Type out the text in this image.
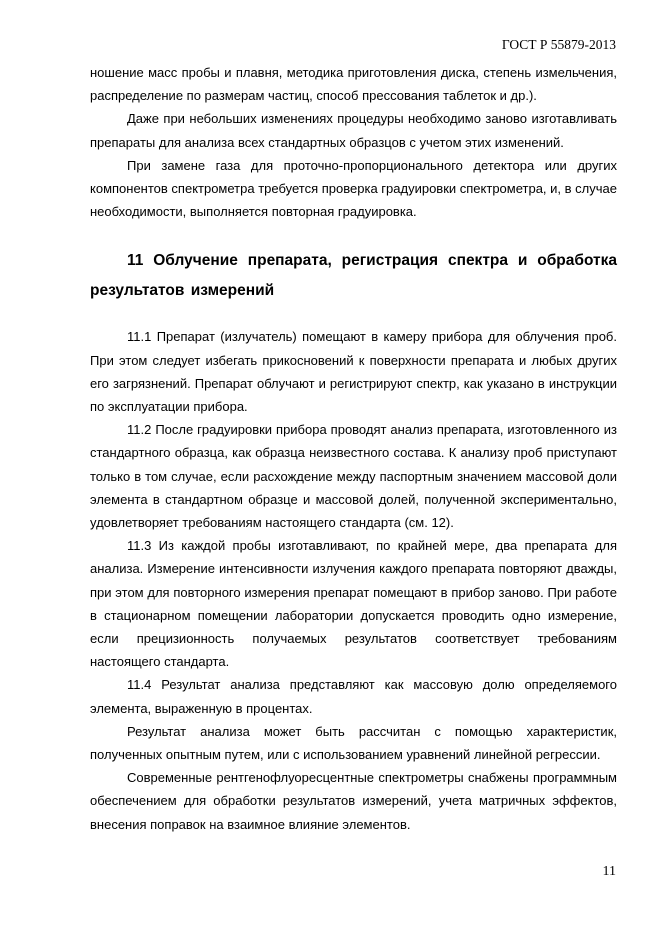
ГОСТ Р 55879-2013

ношение масс пробы и плавня, методика приготовления диска, степень измельчения, распределение по размерам частиц, способ прессования таблеток и др.).

Даже при небольших изменениях процедуры необходимо заново изготавливать препараты для анализа всех стандартных образцов с учетом этих изменений.

При замене газа для проточно-пропорционального детектора или других компонентов спектрометра требуется проверка градуировки спектрометра, и, в случае необходимости, выполняется повторная градуировка.

11 Облучение препарата, регистрация спектра и обработка результатов измерений

11.1 Препарат (излучатель) помещают в камеру прибора для облучения проб. При этом следует избегать прикосновений к поверхности препарата и любых других его загрязнений. Препарат облучают и регистрируют спектр, как указано в инструкции по эксплуатации прибора.

11.2 После градуировки прибора проводят анализ препарата, изготовленного из стандартного образца, как образца неизвестного состава. К анализу проб приступают только в том случае, если расхождение между паспортным значением массовой доли элемента в стандартном образце и массовой долей, полученной экспериментально, удовлетворяет требованиям настоящего стандарта (см. 12).

11.3 Из каждой пробы изготавливают, по крайней мере, два препарата для анализа. Измерение интенсивности излучения каждого препарата повторяют дважды, при этом для повторного измерения препарат помещают в прибор заново. При работе в стационарном помещении лаборатории допускается проводить одно измерение, если прецизионность получаемых результатов соответствует требованиям настоящего стандарта.

11.4 Результат анализа представляют как массовую долю определяемого элемента, выраженную в процентах.

Результат анализа может быть рассчитан с помощью характеристик, полученных опытным путем, или с использованием уравнений линейной регрессии.

Современные рентгенофлуоресцентные спектрометры снабжены программным обеспечением для обработки результатов измерений, учета матричных эффектов, внесения поправок на взаимное влияние элементов.

11
